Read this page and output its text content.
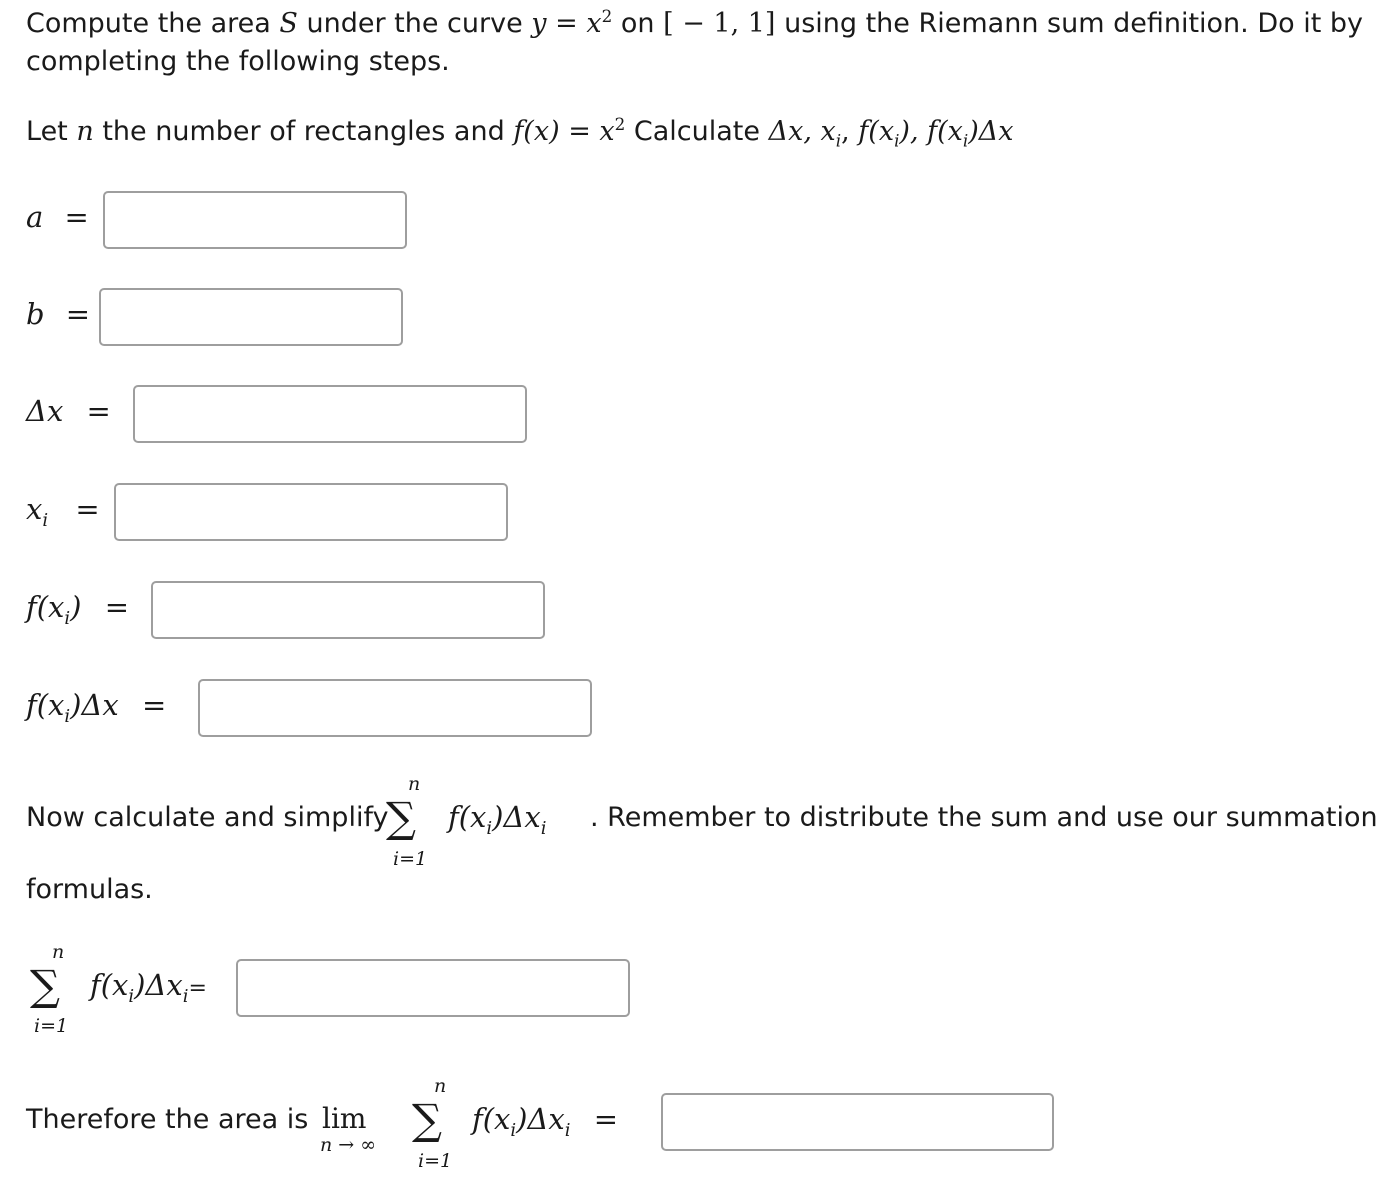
Compute the area S under the curve $y = x^2$ on [ − 1, 1] using the Riemann sum definition. Do it by
completing the following steps.
Let n the number of rectangles and $f(x) = x^2$ Calculate Δx, $x_i$, $f(x_i)$, $f(x_i)\Delta x$
a =
b =
Δx =
$x_i$ =
$f(x_i)$ =
$f(x_i)\Delta x$ =
Now calculate and simplify
n
∑
i=1
$f(x_i)\Delta x_i$ . Remember to distribute the sum and use our summation
formulas.
n
∑
i=1
$f(x_i)\Delta x_i=$
Therefore the area is lim
n → ∞
n
∑
i=1
$f(x_i)\Delta x_i$ =
